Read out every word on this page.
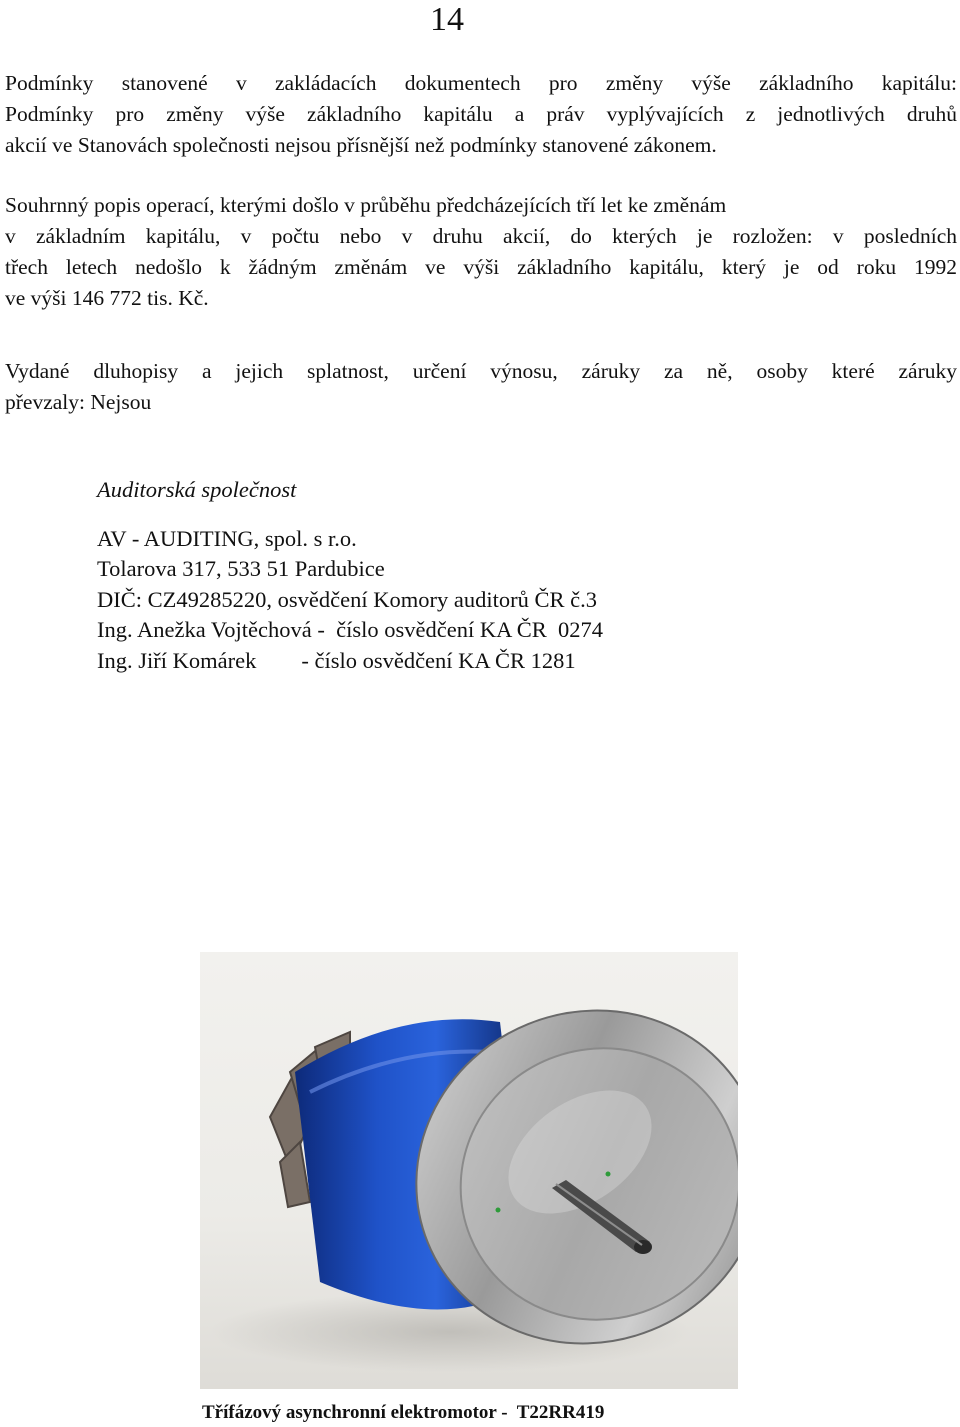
14
Podmínky stanovené v zakládacích dokumentech pro změny výše základního kapitálu:
Podmínky pro změny výše základního kapitálu a práv vyplývajících z jednotlivých druhů
akcií ve Stanovách společnosti nejsou přísnější než podmínky stanovené zákonem.
Souhrnný popis operací, kterými došlo v průběhu předcházejících tří let ke změnám
v základním kapitálu, v počtu nebo v druhu akcií, do kterých je rozložen: v posledních
třech letech nedošlo k žádným změnám ve výši základního kapitálu, který je od roku 1992
ve výši 146 772 tis. Kč.
Vydané dluhopisy a jejich splatnost, určení výnosu, záruky za ně, osoby které záruky
převzaly: Nejsou
Auditorská společnost
AV - AUDITING, spol. s r.o.
Tolarova 317, 533 51 Pardubice
DIČ: CZ49285220, osvědčení Komory auditorů ČR č.3
Ing. Anežka Vojtěchová -  číslo osvědčení KA ČR  0274
Ing. Jiří Komárek        - číslo osvědčení KA ČR 1281
Třífázový asynchronní elektromotor -  T22RR419
